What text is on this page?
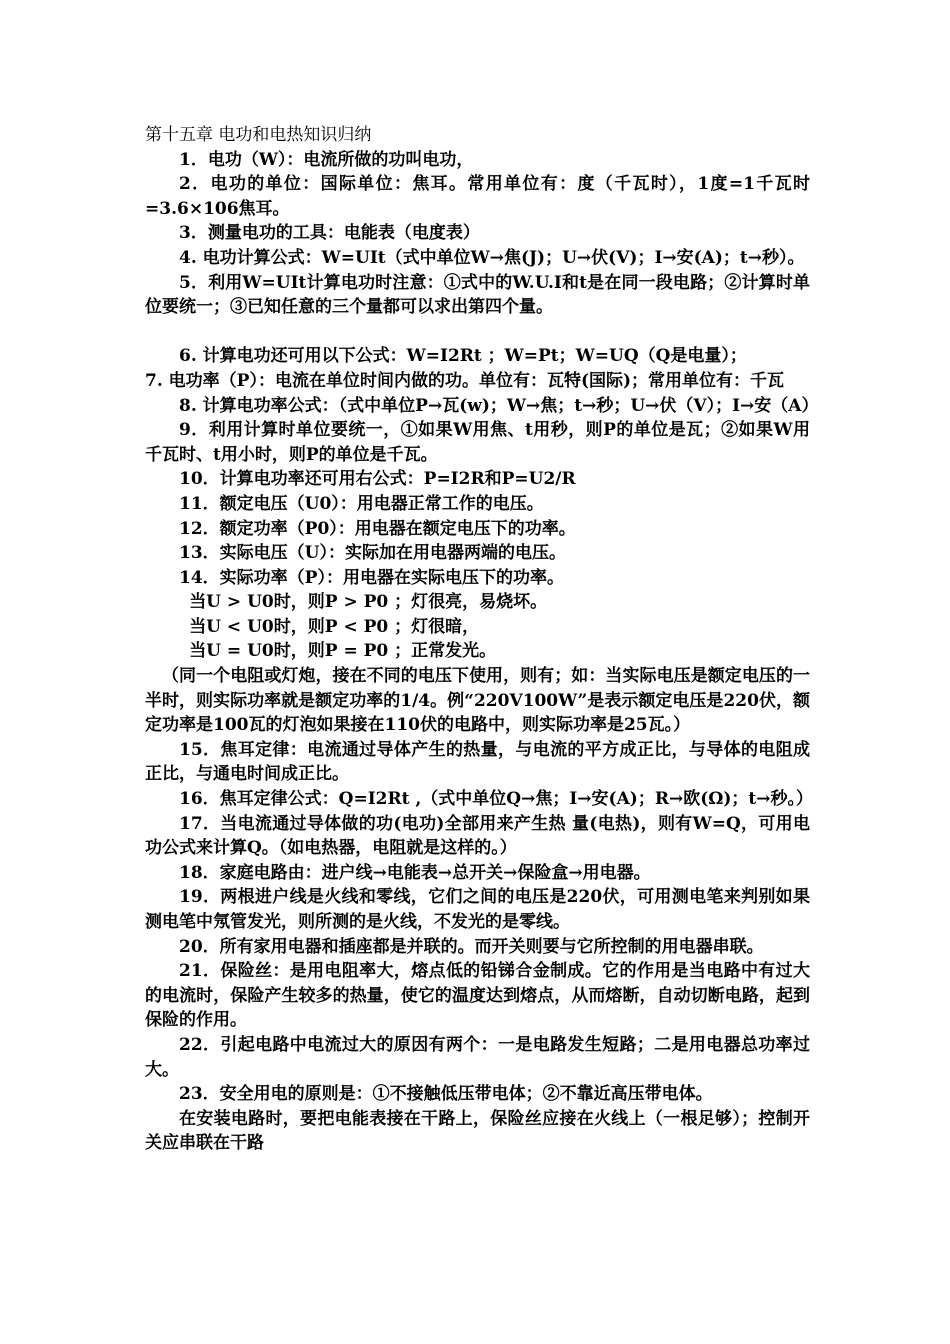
第十五章 电功和电热知识归纳

1．电功（W）：电流所做的功叫电功，

2．电功的单位：国际单位：焦耳。常用单位有：度（千瓦时），1度=1千瓦时=3.6×106焦耳。

3．测量电功的工具：电能表（电度表）

4. 电功计算公式：W=UIt（式中单位W→焦(J)；U→伏(V)；I→安(A)；t→秒）。

5．利用W=UIt计算电功时注意：①式中的W.U.I和t是在同一段电路；②计算时单位要统一；③已知任意的三个量都可以求出第四个量。

6. 计算电功还可用以下公式：W=I2Rt ；W=Pt；W=UQ（Q是电量）；

7. 电功率（P）：电流在单位时间内做的功。单位有：瓦特(国际)；常用单位有：千瓦

8. 计算电功率公式：（式中单位P→瓦(w)；W→焦；t→秒；U→伏（V）；I→安（A）

9．利用计算时单位要统一，①如果W用焦、t用秒，则P的单位是瓦；②如果W用千瓦时、t用小时，则P的单位是千瓦。

10．计算电功率还可用右公式：P=I2R和P=U2/R

11．额定电压（U0）：用电器正常工作的电压。

12．额定功率（P0）：用电器在额定电压下的功率。

13．实际电压（U）：实际加在用电器两端的电压。

14．实际功率（P）：用电器在实际电压下的功率。

当U > U0时，则P > P0 ；灯很亮，易烧坏。

当U < U0时，则P < P0 ；灯很暗，

当U = U0时，则P = P0 ；正常发光。

（同一个电阻或灯炮，接在不同的电压下使用，则有；如：当实际电压是额定电压的一半时，则实际功率就是额定功率的1/4。例“220V100W”是表示额定电压是220伏，额定功率是100瓦的灯泡如果接在110伏的电路中，则实际功率是25瓦。）

15．焦耳定律：电流通过导体产生的热量，与电流的平方成正比，与导体的电阻成正比，与通电时间成正比。

16．焦耳定律公式：Q=I2Rt ,（式中单位Q→焦；I→安(A)；R→欧(Ω)；t→秒。）

17．当电流通过导体做的功(电功)全部用来产生热 量(电热)，则有W=Q，可用电功公式来计算Q。（如电热器，电阻就是这样的。）

18．家庭电路由：进户线→电能表→总开关→保险盒→用电器。

19．两根进户线是火线和零线，它们之间的电压是220伏，可用测电笔来判别如果测电笔中氖管发光，则所测的是火线，不发光的是零线。

20．所有家用电器和插座都是并联的。而开关则要与它所控制的用电器串联。

21．保险丝：是用电阻率大，熔点低的铅锑合金制成。它的作用是当电路中有过大的电流时，保险产生较多的热量，使它的温度达到熔点，从而熔断，自动切断电路，起到保险的作用。

22．引起电路中电流过大的原因有两个：一是电路发生短路；二是用电器总功率过大。

23．安全用电的原则是：①不接触低压带电体；②不靠近高压带电体。

在安装电路时，要把电能表接在干路上，保险丝应接在火线上（一根足够）；控制开关应串联在干路
